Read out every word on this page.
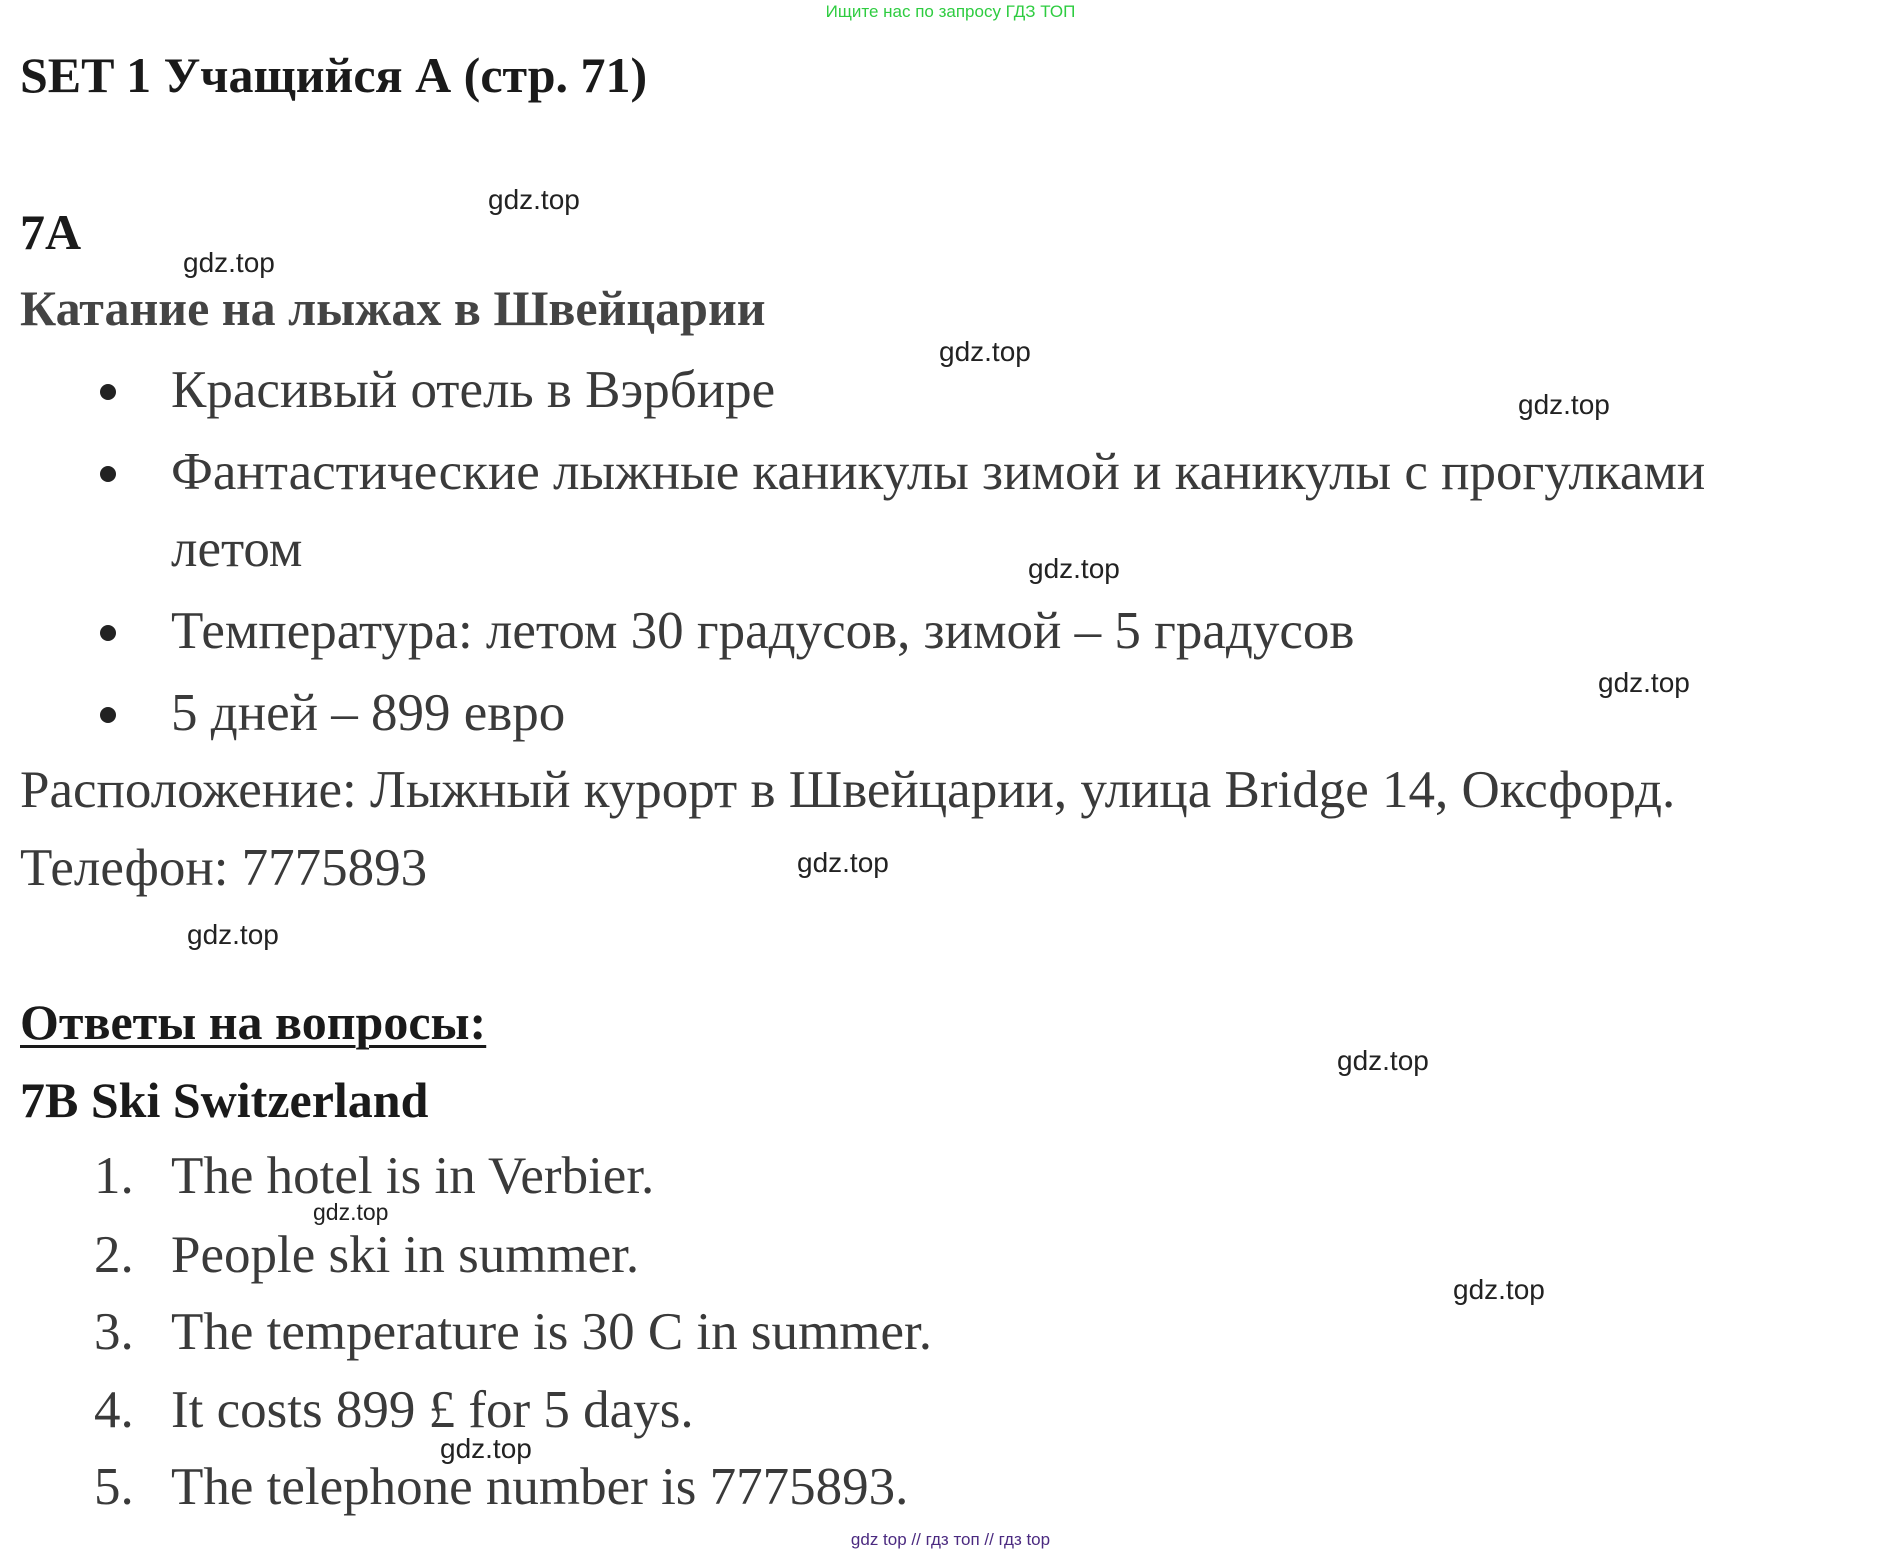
Ищите нас по запросу ГДЗ ТОП
SET 1 Учащийся А (стр. 71)
7A
Катание на лыжах в Швейцарии
Красивый отель в Вэрбире
Фантастические лыжные каникулы зимой и каникулы с прогулками
летом
Температура: летом 30 градусов, зимой – 5 градусов
5 дней – 899 евро
Расположение: Лыжный курорт в Швейцарии, улица Bridge 14, Оксфорд.
Телефон: 7775893
Ответы на вопросы:
7B Ski Switzerland
1. The hotel is in Verbier.
2. People ski in summer.
3. The temperature is 30 C in summer.
4. It costs 899 £ for 5 days.
5. The telephone number is 7775893.
gdz.top
gdz.top
gdz.top
gdz.top
gdz.top
gdz.top
gdz.top
gdz.top
gdz.top
gdz.top
gdz.top
gdz.top
gdz top // гдз топ // гдз top
